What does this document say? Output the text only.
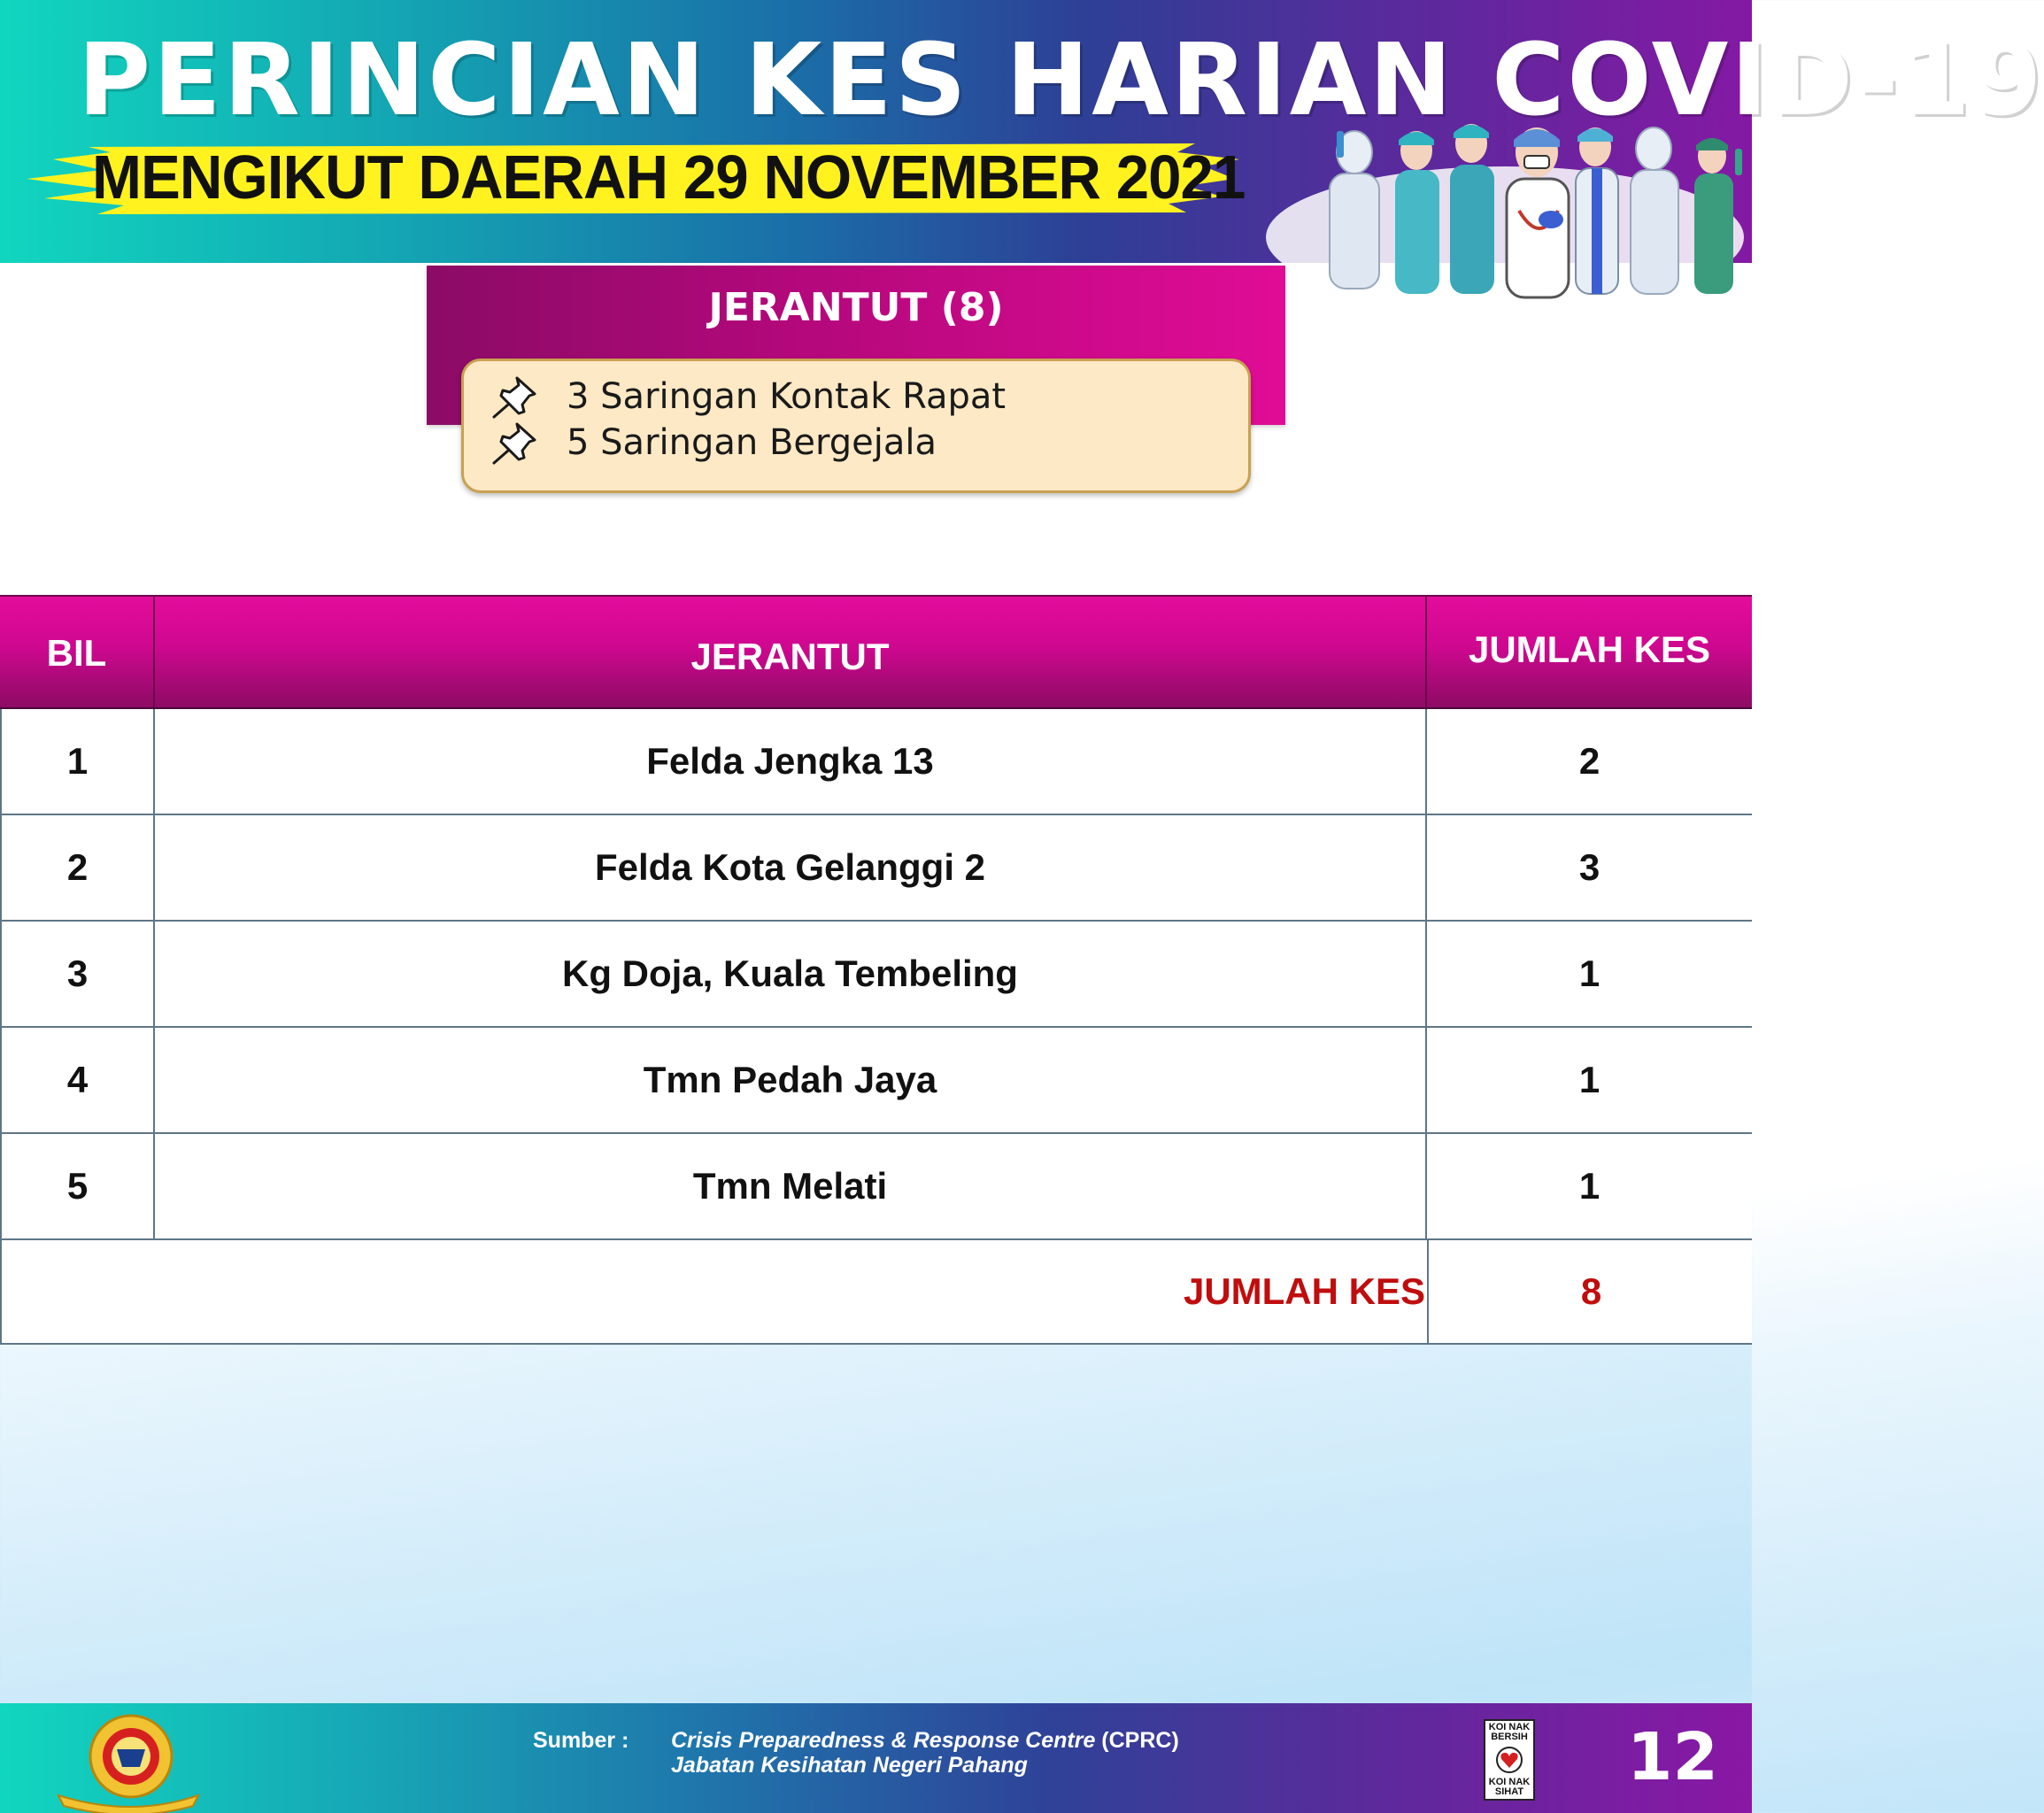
PERINCIAN KES HARIAN COVID-19
MENGIKUT DAERAH 29 NOVEMBER 2021
JERANTUT (8)
3 Saringan Kontak Rapat
5 Saringan Bergejala
BIL	JERANTUT	JUMLAH KES
1	Felda Jengka 13	2
2	Felda Kota Gelanggi 2	3
3	Kg Doja, Kuala Tembeling	1
4	Tmn Pedah Jaya	1
5	Tmn Melati	1
JUMLAH KES	8
Sumber : Crisis Preparedness & Response Centre (CPRC)
Jabatan Kesihatan Negeri Pahang
KOI NAK BERSIH
KOI NAK SIHAT 12
